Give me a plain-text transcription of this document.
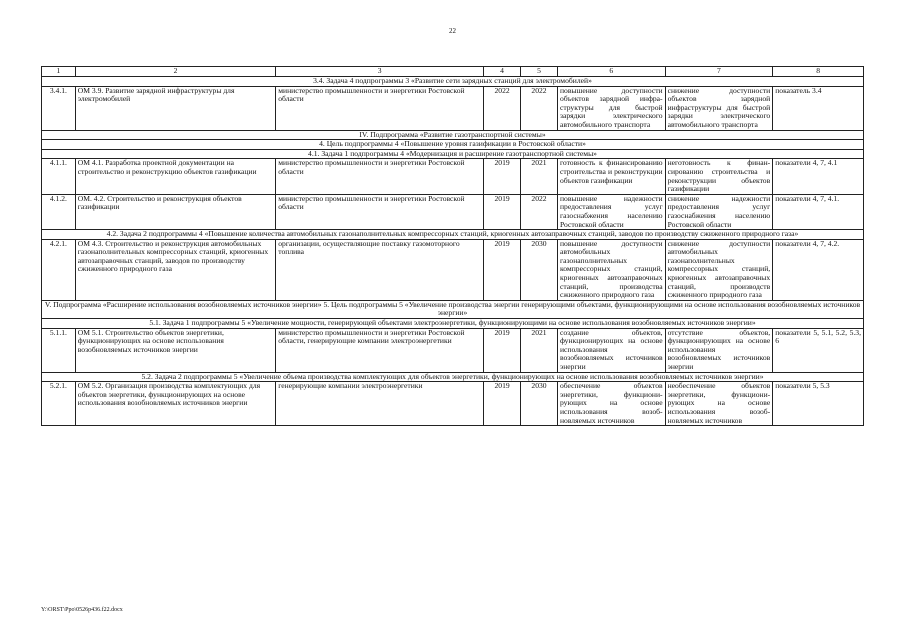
22
1	2	3	4	5	6	7	8
3.4. Задача 4 подпрограммы 3 «Развитие сети зарядных станций для электромобилей»							
3.4.1.	ОМ 3.9. Развитие зарядной инфраструктуры для электромобилей	министерство промышленности и энергетики Ростовской области	2022	2022	повышение доступности объектов зарядной инфраструктуры для быстрой зарядки электрического автомобильного транспорта	снижение доступности объектов зарядной инфраструктуры для быстрой зарядки электрического автомобильного транспорта	показатель 3.4
IV. Подпрограмма «Развитие газотранспортной системы»							
4. Цель подпрограммы 4 «Повышение уровня газификации в Ростовской области»							
4.1. Задача 1 подпрограммы 4 «Модернизация и расширение газотранспортной системы»							
4.1.1.	ОМ 4.1. Разработка проектной документации на строительство и реконструкцию объектов газификации	министерство промышленности и энергетики Ростовской области	2019	2021	готовность к финансированию строительства и реконструкции объектов газификации	неготовность к финансированию строительства и реконструкции объектов газификации	показатели 4, 7, 4.1
4.1.2.	ОМ. 4.2. Строительство и реконструкция объектов газификации	министерство промышленности и энергетики Ростовской области	2019	2022	повышение надежности предоставления услуг газоснабжения населению Ростовской области	снижение надежности предоставления услуг газоснабжения населению Ростовской области	показатели 4, 7, 4.1.
4.2. Задача 2 подпрограммы 4 «Повышение количества автомобильных газонаполнительных компрессорных станций, криогенных автозаправочных станций, заводов по производству сжиженного природного газа»							
4.2.1.	ОМ 4.3. Строительство и реконструкция автомобильных газонаполнительных компрессорных станций, криогенных автозаправочных станций, заводов по производству сжиженного природного газа	организации, осуществляющие поставку газомоторного топлива	2019	2030	повышение доступности автомобильных газонаполнительных компрессорных станций, криогенных автозаправочных станций, производства сжиженного природного газа	снижение доступности автомобильных газонаполнительных компрессорных станций, криогенных автозаправочных станций, производств сжиженного природного газа	показатели 4, 7, 4.2.
V. Подпрограмма «Расширение использования возобновляемых источников энергии» 5. Цель подпрограммы 5 «Увеличение производства энергии генерирующими объектами, функционирующими на основе использования возобновляемых источников энергии»							
5.1. Задача 1 подпрограммы 5 «Увеличение мощности, генерирующей объектами электроэнергетики, функционирующими на основе использования возобновляемых источников энергии»							
5.1.1.	ОМ 5.1. Строительство объектов энергетики, функционирующих на основе использования возобновляемых источников энергии	министерство промышленности и энергетики Ростовской области, генерирующие компании электроэнергетики	2019	2021	создание объектов, функционирующих на основе использования возобновляемых источников энергии	отсутствие объектов, функционирующих на основе использования возобновляемых источников энергии	показатели 5, 5.1, 5.2, 5.3, 6
5.2. Задача 2 подпрограммы 5 «Увеличение объема производства комплектующих для объектов энергетики, функционирующих на основе использования возобновляемых источников энергии»							
5.2.1.	ОМ 5.2. Организация производства комплектующих для объектов энергетики, функционирующих на основе использования возобновляемых источников энергии	генерирующие компании электроэнергетики	2019	2030	обеспечение объектов энергетики, функционирующих на основе использования возобновляемых источников	необеспечение объектов энергетики, функционирующих на основе использования возобновляемых источников	показатели 5, 5.3
Y:\ORST\Ppo\0526p436.f22.docx
